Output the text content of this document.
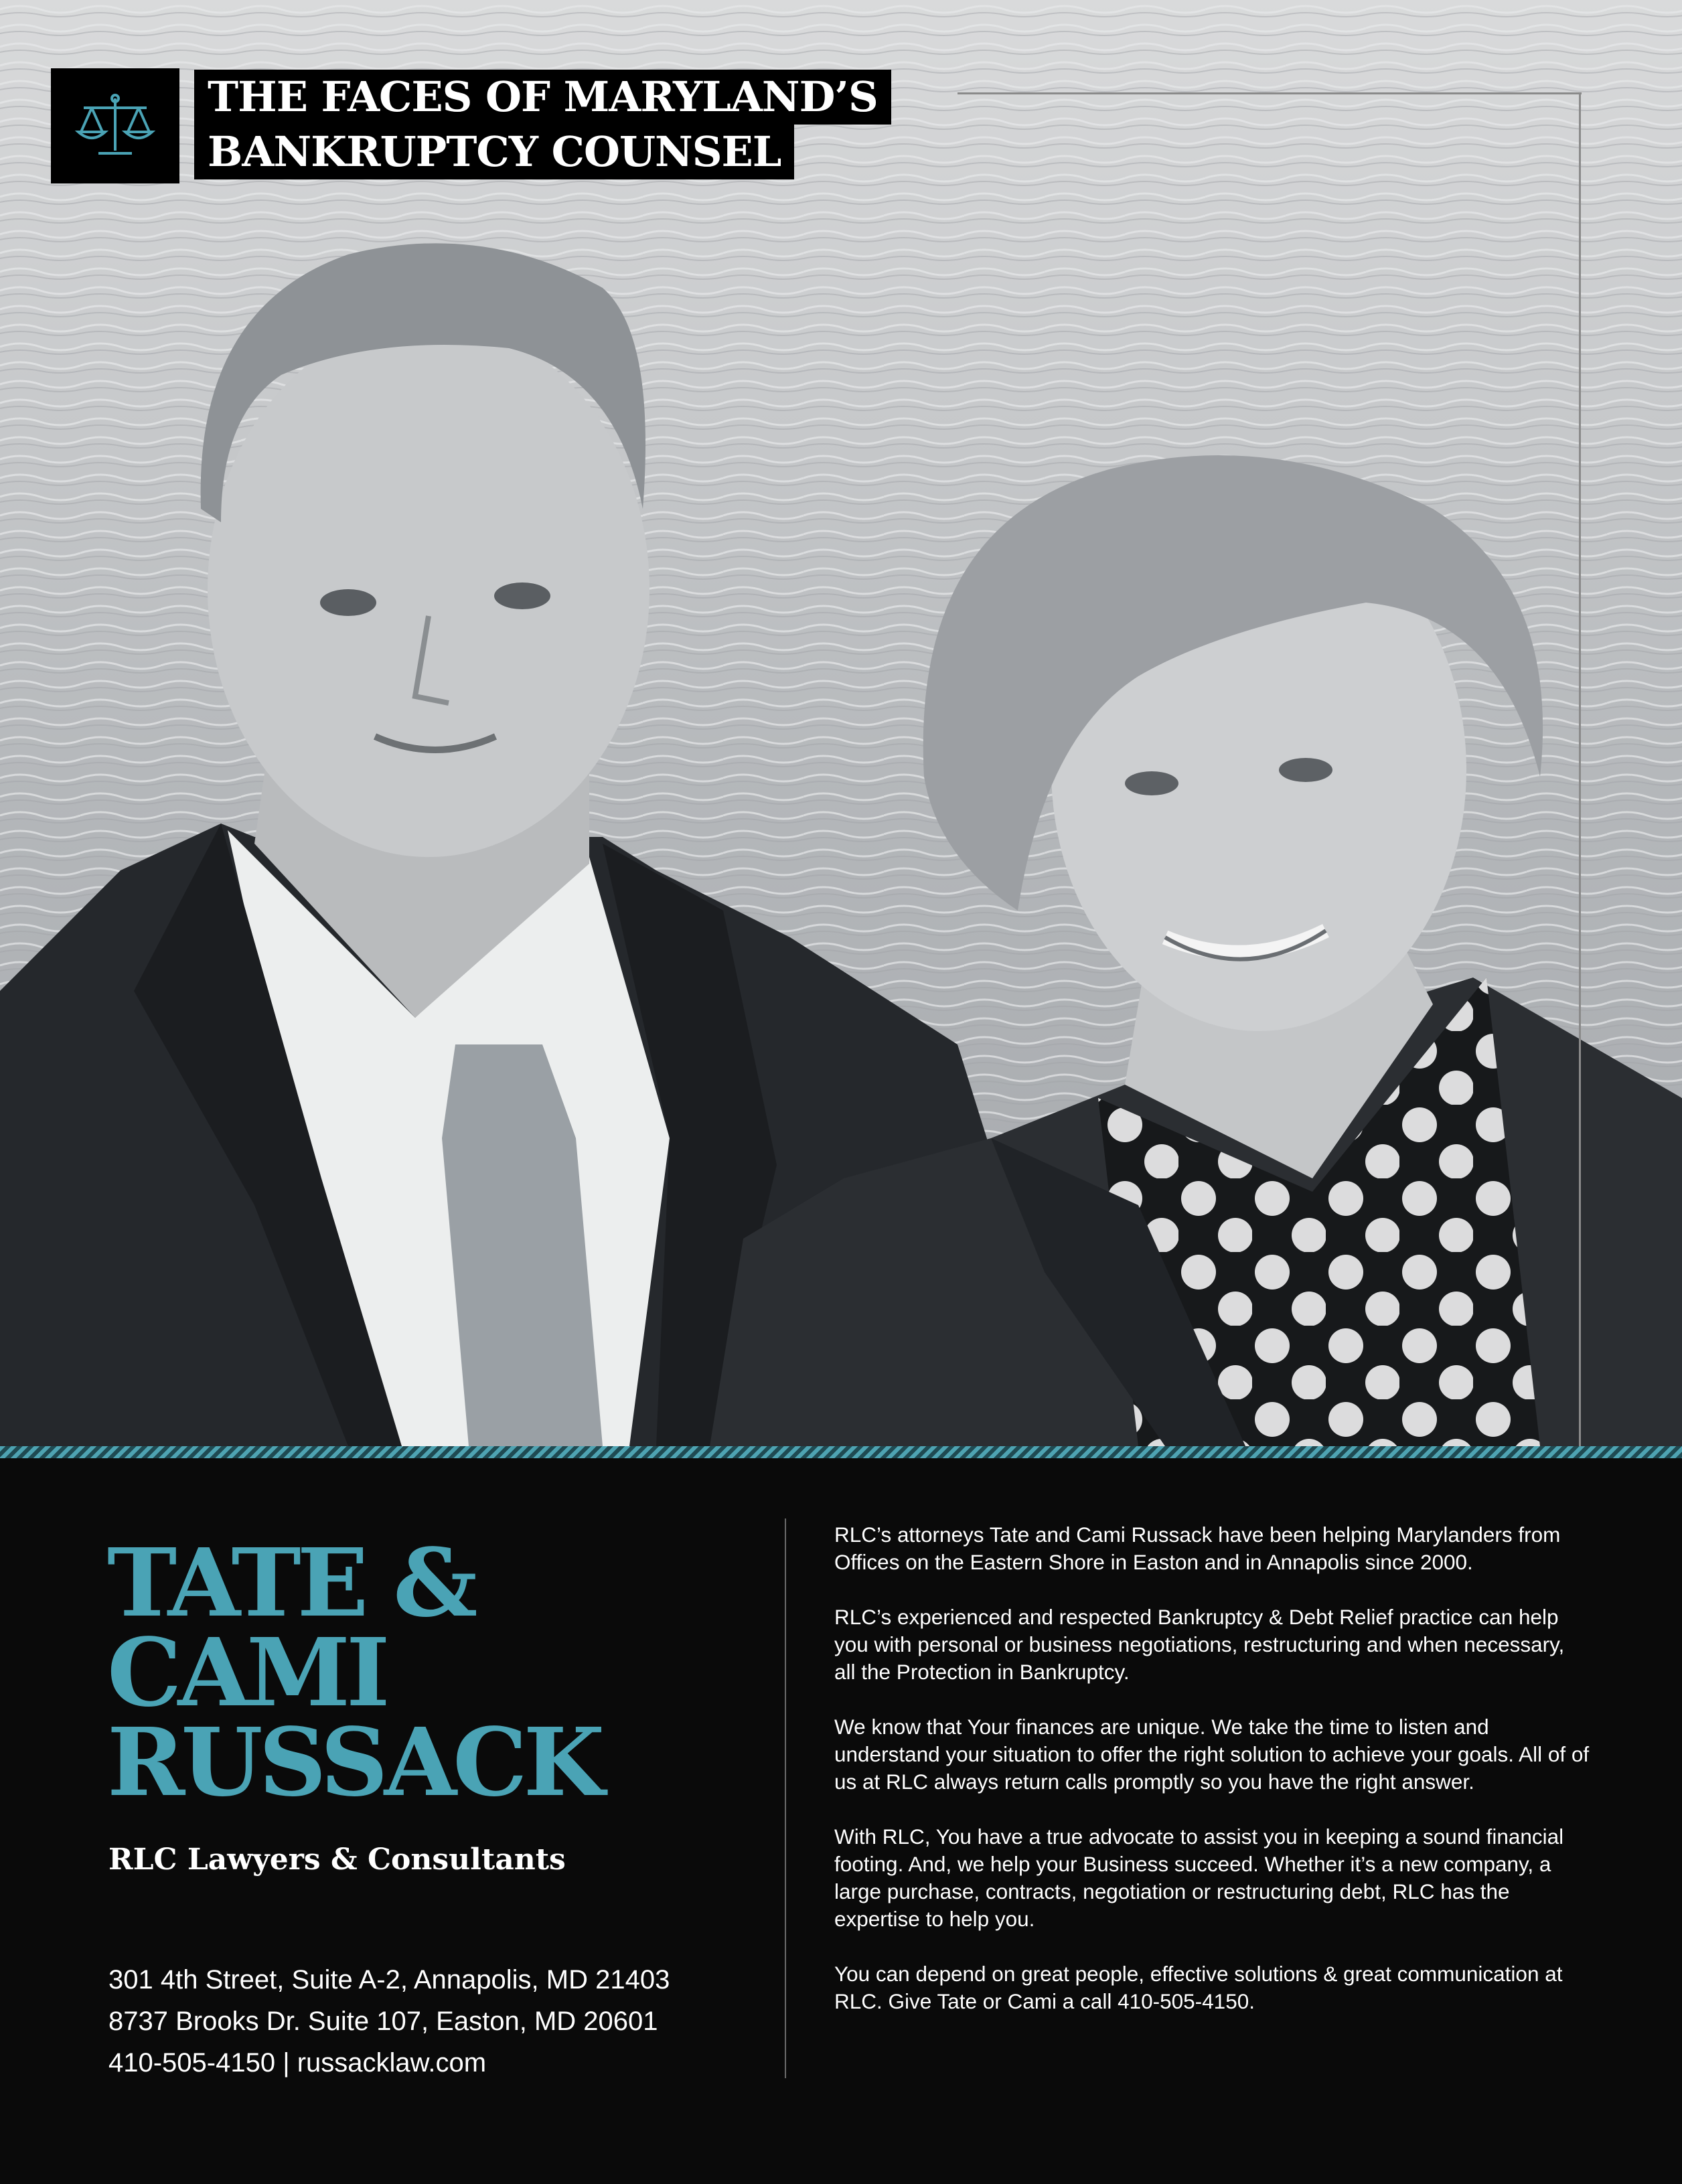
THE FACES OF MARYLAND’S
BANKRUPTCY COUNSEL
TATE &
CAMI
RUSSACK
RLC Lawyers & Consultants
301 4th Street, Suite A-2, Annapolis, MD 21403
8737 Brooks Dr. Suite 107, Easton, MD 20601
410-505-4150 | russacklaw.com

RLC’s attorneys Tate and Cami Russack have been helping Marylanders from Offices on the Eastern Shore in Easton and in Annapolis since 2000.

RLC’s experienced and respected Bankruptcy & Debt Relief practice can help you with personal or business negotiations, restructuring and when necessary, all the Protection in Bankruptcy.

We know that Your finances are unique. We take the time to listen and understand your situation to offer the right solution to achieve your goals. All of of us at RLC always return calls promptly so you have the right answer.

With RLC, You have a true advocate to assist you in keeping a sound financial footing. And, we help your Business succeed. Whether it’s a new company, a large purchase, contracts, negotiation or restructuring debt, RLC has the expertise to help you.

You can depend on great people, effective solutions & great communication at RLC. Give Tate or Cami a call 410-505-4150.
